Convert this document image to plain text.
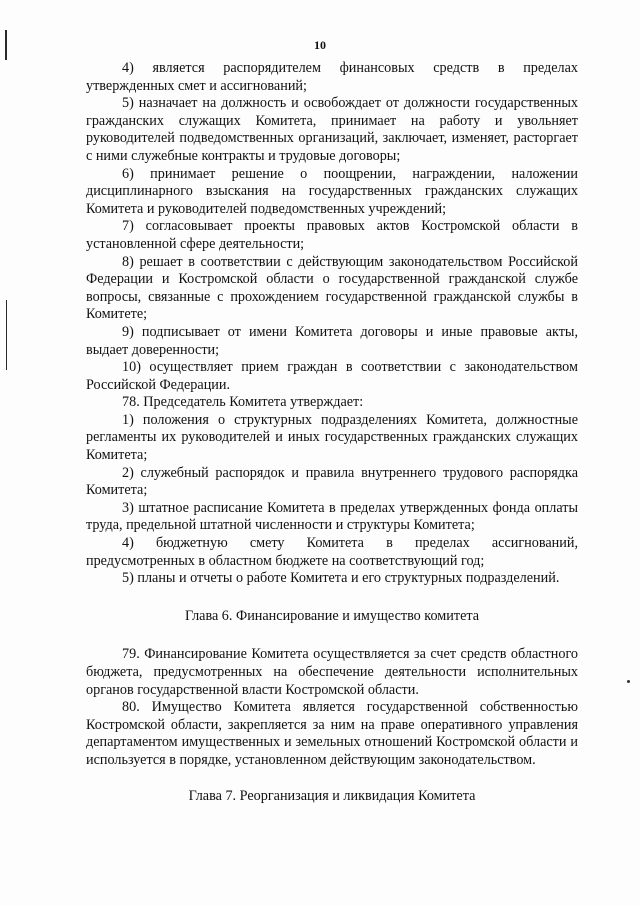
10

4) является распорядителем финансовых средств в пределах утвержденных смет и ассигнований;

5) назначает на должность и освобождает от должности государственных гражданских служащих Комитета, принимает на работу и увольняет руководителей подведомственных организаций, заключает, изменяет, расторгает с ними служебные контракты и трудовые договоры;

6) принимает решение о поощрении, награждении, наложении дисциплинарного взыскания на государственных гражданских служащих Комитета и руководителей подведомственных учреждений;

7) согласовывает проекты правовых актов Костромской области в установленной сфере деятельности;

8) решает в соответствии с действующим законодательством Российской Федерации и Костромской области о государственной гражданской службе вопросы, связанные с прохождением государственной гражданской службы в Комитете;

9) подписывает от имени Комитета договоры и иные правовые акты, выдает доверенности;

10) осуществляет прием граждан в соответствии с законодательством Российской Федерации.

78. Председатель Комитета утверждает:

1) положения о структурных подразделениях Комитета, должностные регламенты их руководителей и иных государственных гражданских служащих Комитета;

2) служебный распорядок и правила внутреннего трудового распорядка Комитета;

3) штатное расписание Комитета в пределах утвержденных фонда оплаты труда, предельной штатной численности и структуры Комитета;

4) бюджетную смету Комитета в пределах ассигнований, предусмотренных в областном бюджете на соответствующий год;

5) планы и отчеты о работе Комитета и его структурных подразделений.

Глава 6. Финансирование и имущество комитета

79. Финансирование Комитета осуществляется за счет средств областного бюджета, предусмотренных на обеспечение деятельности исполнительных органов государственной власти Костромской области.

80. Имущество Комитета является государственной собственностью Костромской области, закрепляется за ним на праве оперативного управления департаментом имущественных и земельных отношений Костромской области и используется в порядке, установленном действующим законодательством.

Глава 7. Реорганизация и ликвидация Комитета
